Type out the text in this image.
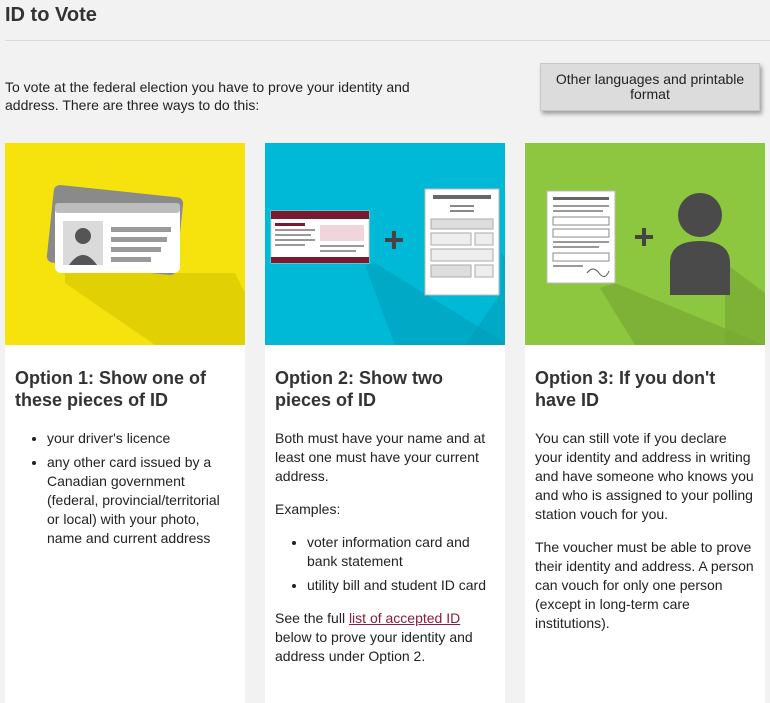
ID to Vote
To vote at the federal election you have to prove your identity and address. There are three ways to do this:
Other languages and printable format
Option 1: Show one of these pieces of ID
• your driver's licence
• any other card issued by a Canadian government (federal, provincial/territorial or local) with your photo, name and current address
Option 2: Show two pieces of ID

Both must have your name and at least one must have your current address.

Examples:

• voter information card and bank statement
• utility bill and student ID card

See the full list of accepted ID below to prove your identity and address under Option 2.

Option 3: If you don't have ID

You can still vote if you declare your identity and address in writing and have someone who knows you and who is assigned to your polling station vouch for you.

The voucher must be able to prove their identity and address. A person can vouch for only one person (except in long-term care institutions).
